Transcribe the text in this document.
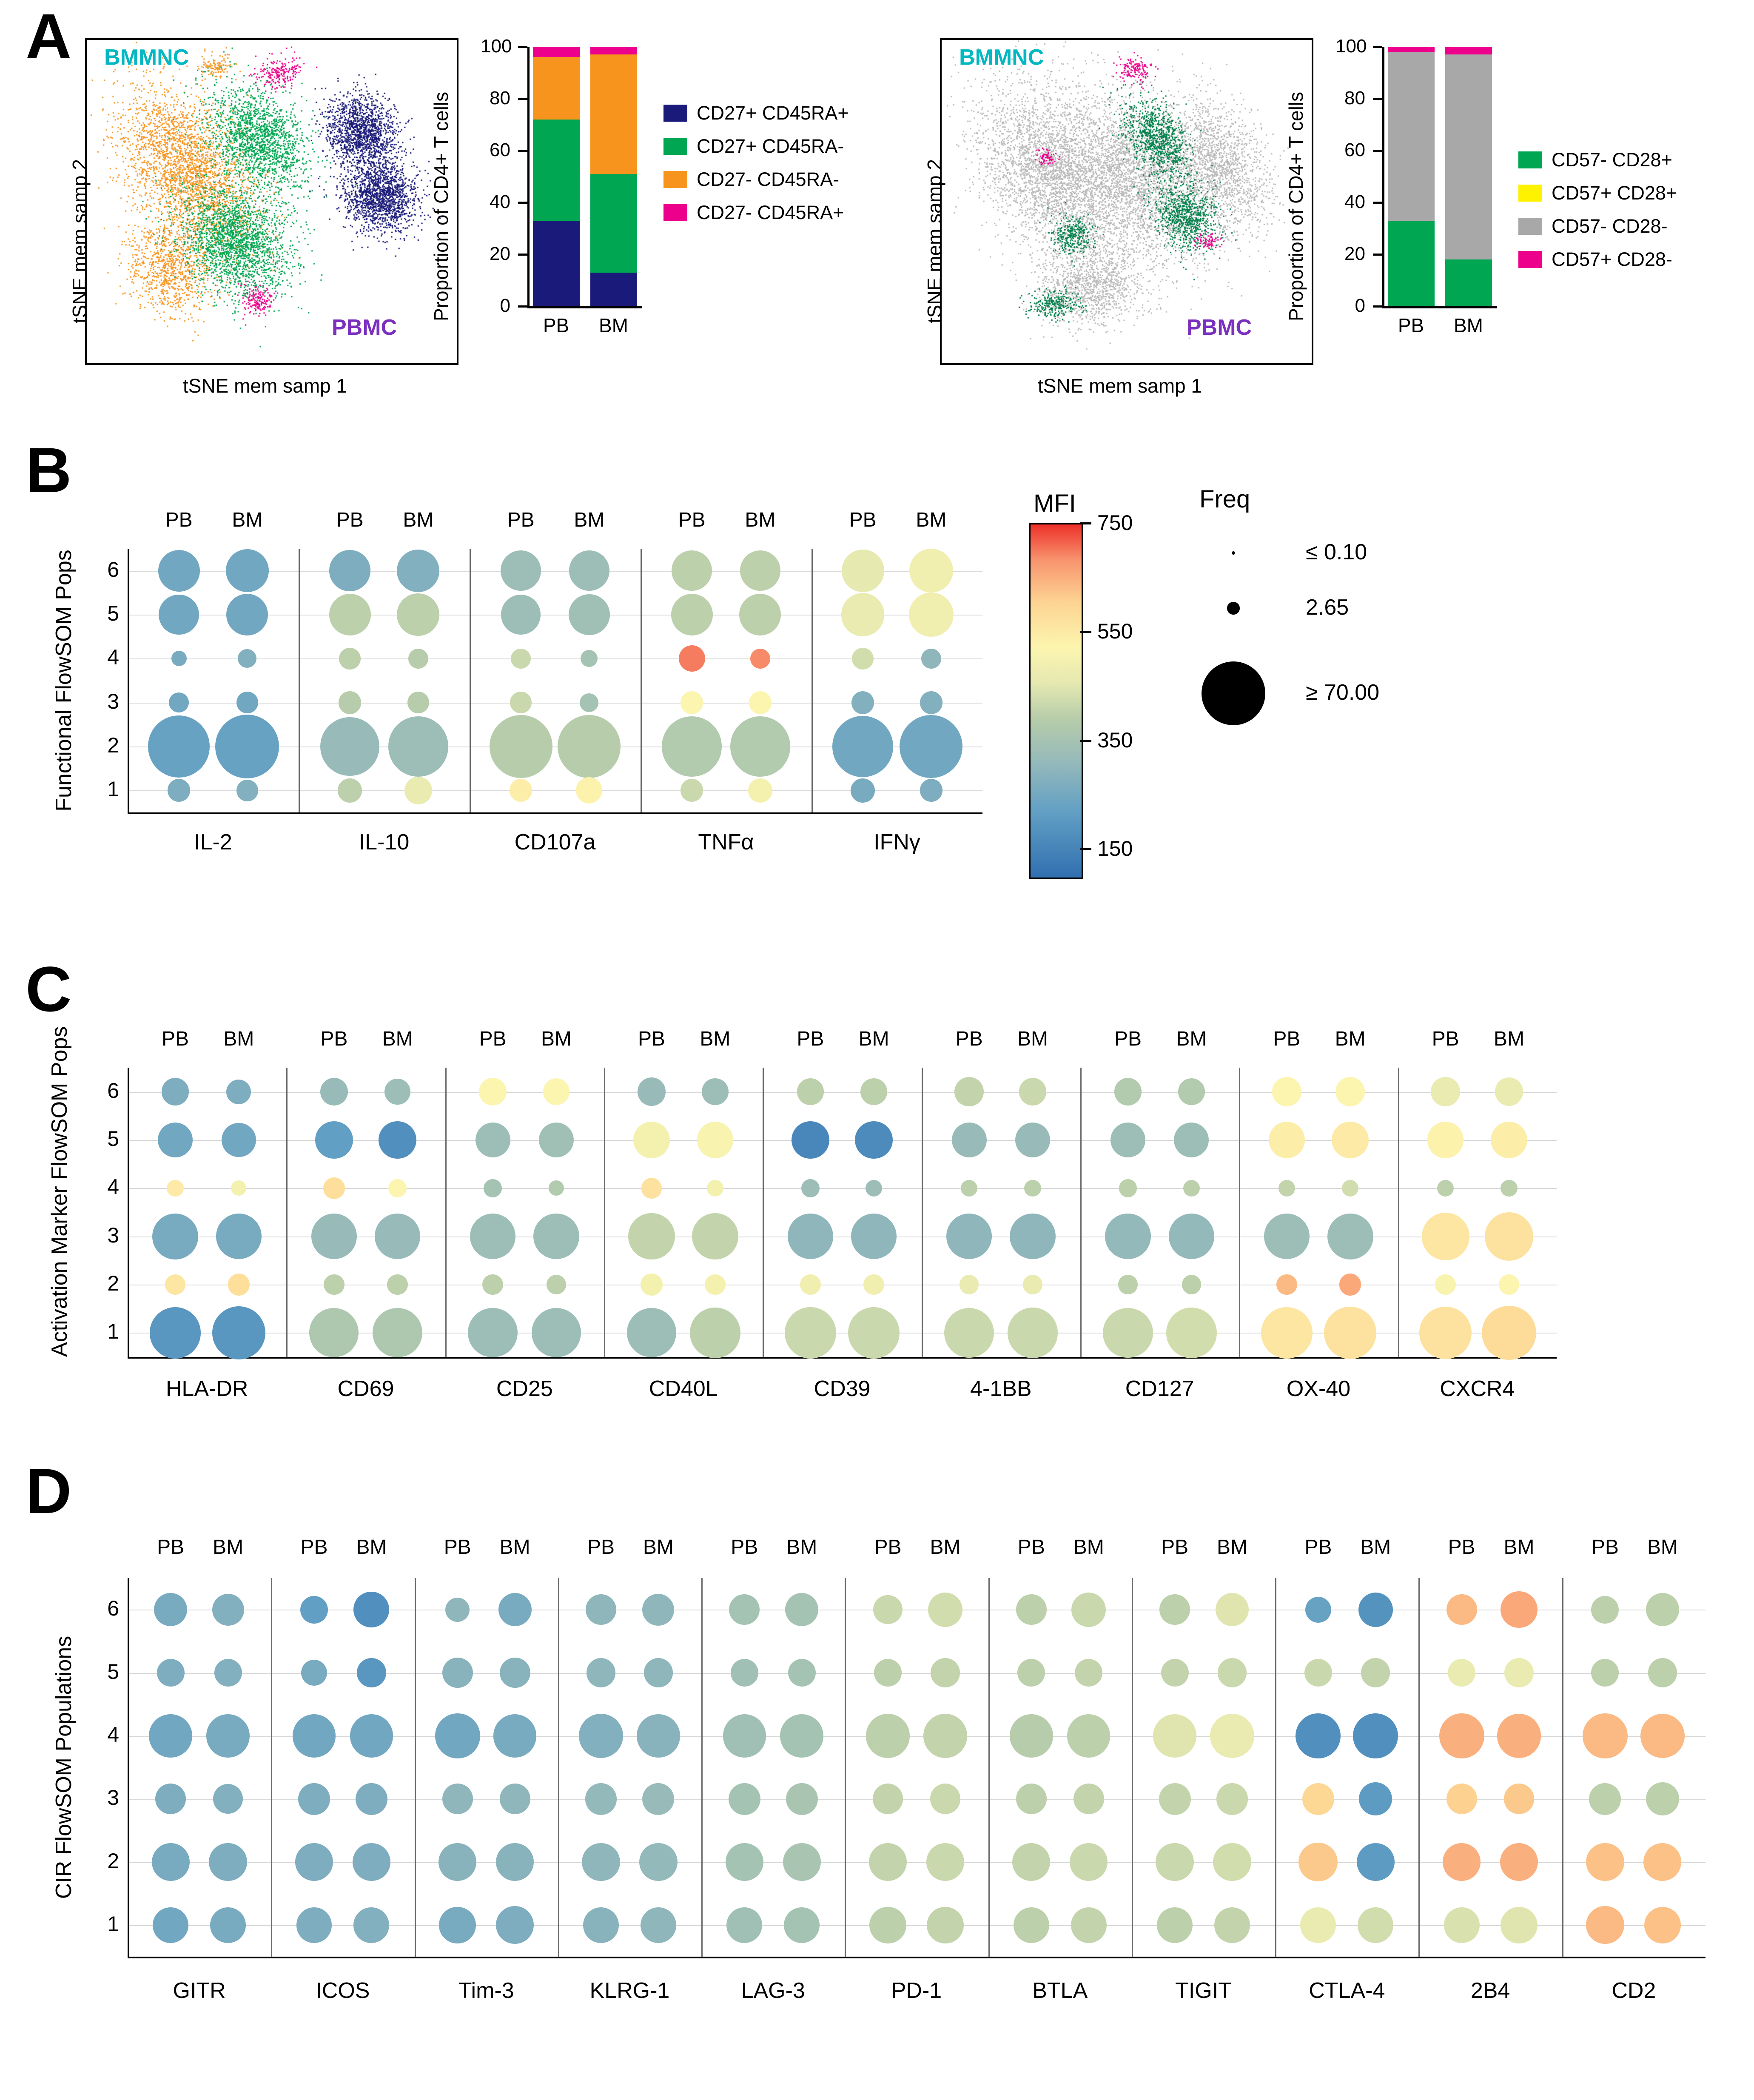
A
tSNE mem samp 2
tSNE mem samp 1
BMMNC
PBMC
0
20
40
60
80
100
PB	BM
Proportion of CD4+ T cells	CD27+ CD45RA+
CD27+ CD45RA-
CD27- CD45RA-
CD27- CD45RA+	tSNE mem samp 2
tSNE mem samp 1
BMMNC
PBMC
0
20
40
60
80
100
PB	BM
Proportion of CD4+ T cells	CD57- CD28+
CD57+ CD28+
CD57- CD28-
CD57+ CD28-
B
Functional FlowSOM Pops	1
2
3
4
5
6
PB	BM
IL-2
PB	BM
IL-10
PB	BM
CD107a
PB	BM
TNFα
PB	BM
IFNγ
MFI
750
550
350
150
Freq
≤ 0.10
2.65
≥ 70.00
C
Activation Marker FlowSOM Pops	1
2
3
4
5
6
PB	BM
HLA-DR
PB	BM
CD69
PB	BM
CD25
PB	BM
CD40L
PB	BM
CD39
PB	BM
4-1BB
PB	BM
CD127
PB	BM
OX-40
PB	BM
CXCR4
D
CIR FlowSOM Populations
1
2
3
4
5
6
PB	BM
GITR
PB	BM
ICOS
PB	BM
Tim-3
PB	BM
KLRG-1
PB	BM
LAG-3
PB	BM
PD-1
PB	BM
BTLA
PB	BM
TIGIT
PB	BM
CTLA-4
PB	BM
2B4
PB	BM
CD2
